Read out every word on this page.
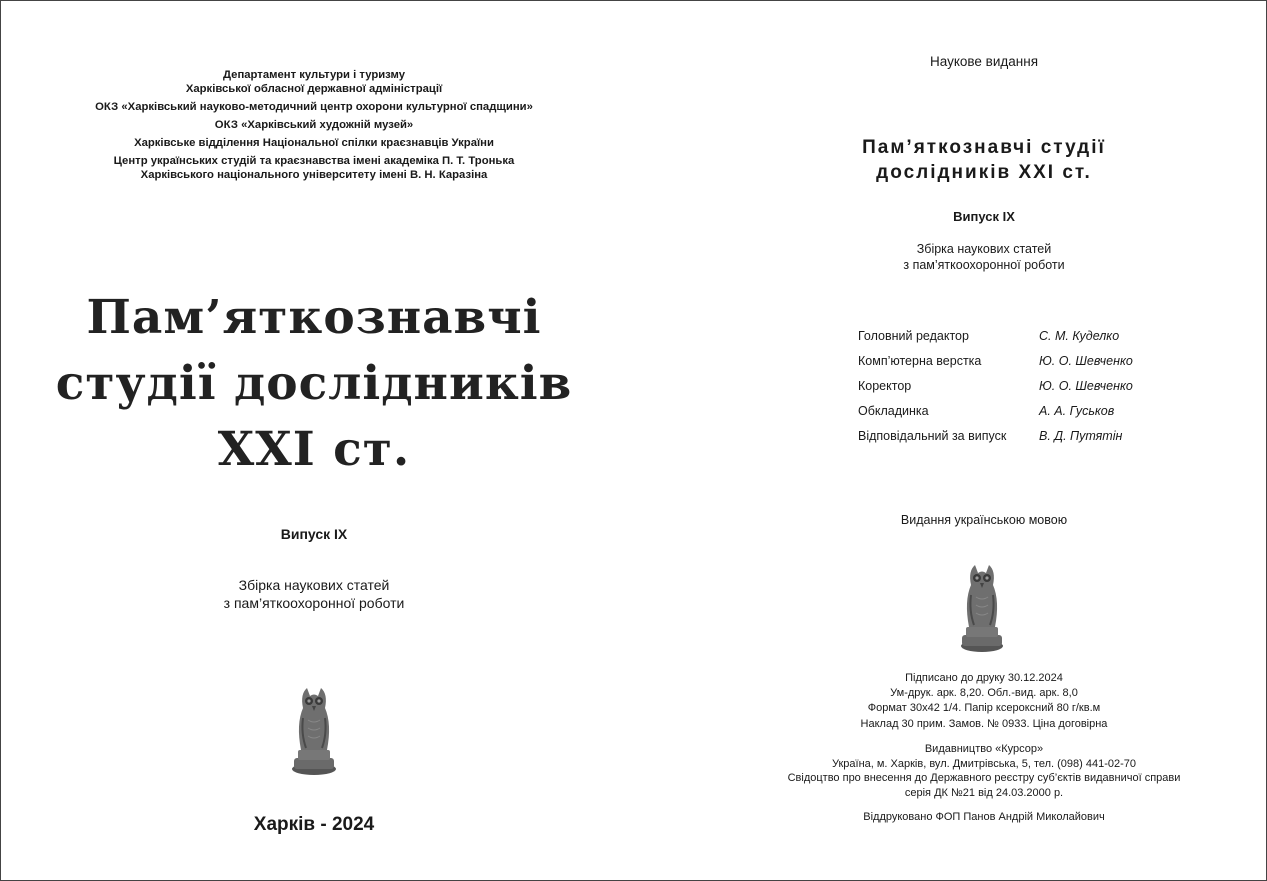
Департамент культури і туризму
Харківської обласної державної адміністрації
ОКЗ «Харківський науково-методичний центр охорони культурної спадщини»
ОКЗ «Харківський художній музей»
Харківське відділення Національної спілки краєзнавців України
Центр українських студій та краєзнавства імені академіка П. Т. Тронька
Харківського національного університету імені В. Н. Каразіна
Пам’яткознавчі
студії дослідників
XXI ст.
Випуск IX
Збірка наукових статей
з пам’яткоохоронної роботи
Харків - 2024
Наукове видання
Пам’яткознавчі студії
дослідників XXI ст.
Випуск IX
Збірка наукових статей
з пам’яткоохоронної роботи
Головний редактор	С. М. Куделко
Комп’ютерна верстка	Ю. О. Шевченко
Коректор	Ю. О. Шевченко
Обкладинка	А. А. Гуськов
Відповідальний за випуск	В. Д. Путятін
Видання українською мовою
Підписано до друку 30.12.2024
Ум-друк. арк. 8,20. Обл.-вид. арк. 8,0
Формат 30х42 1/4. Папір ксероксний 80 г/кв.м
Наклад 30 прим. Замов. № 0933. Ціна договірна
Видавництво «Курсор»
Україна, м. Харків, вул. Дмитрівська, 5, тел. (098) 441-02-70
Свідоцтво про внесення до Державного реєстру суб’єктів видавничої справи
серія ДК №21 від 24.03.2000 р.
Віддруковано ФОП Панов Андрій Миколайович
